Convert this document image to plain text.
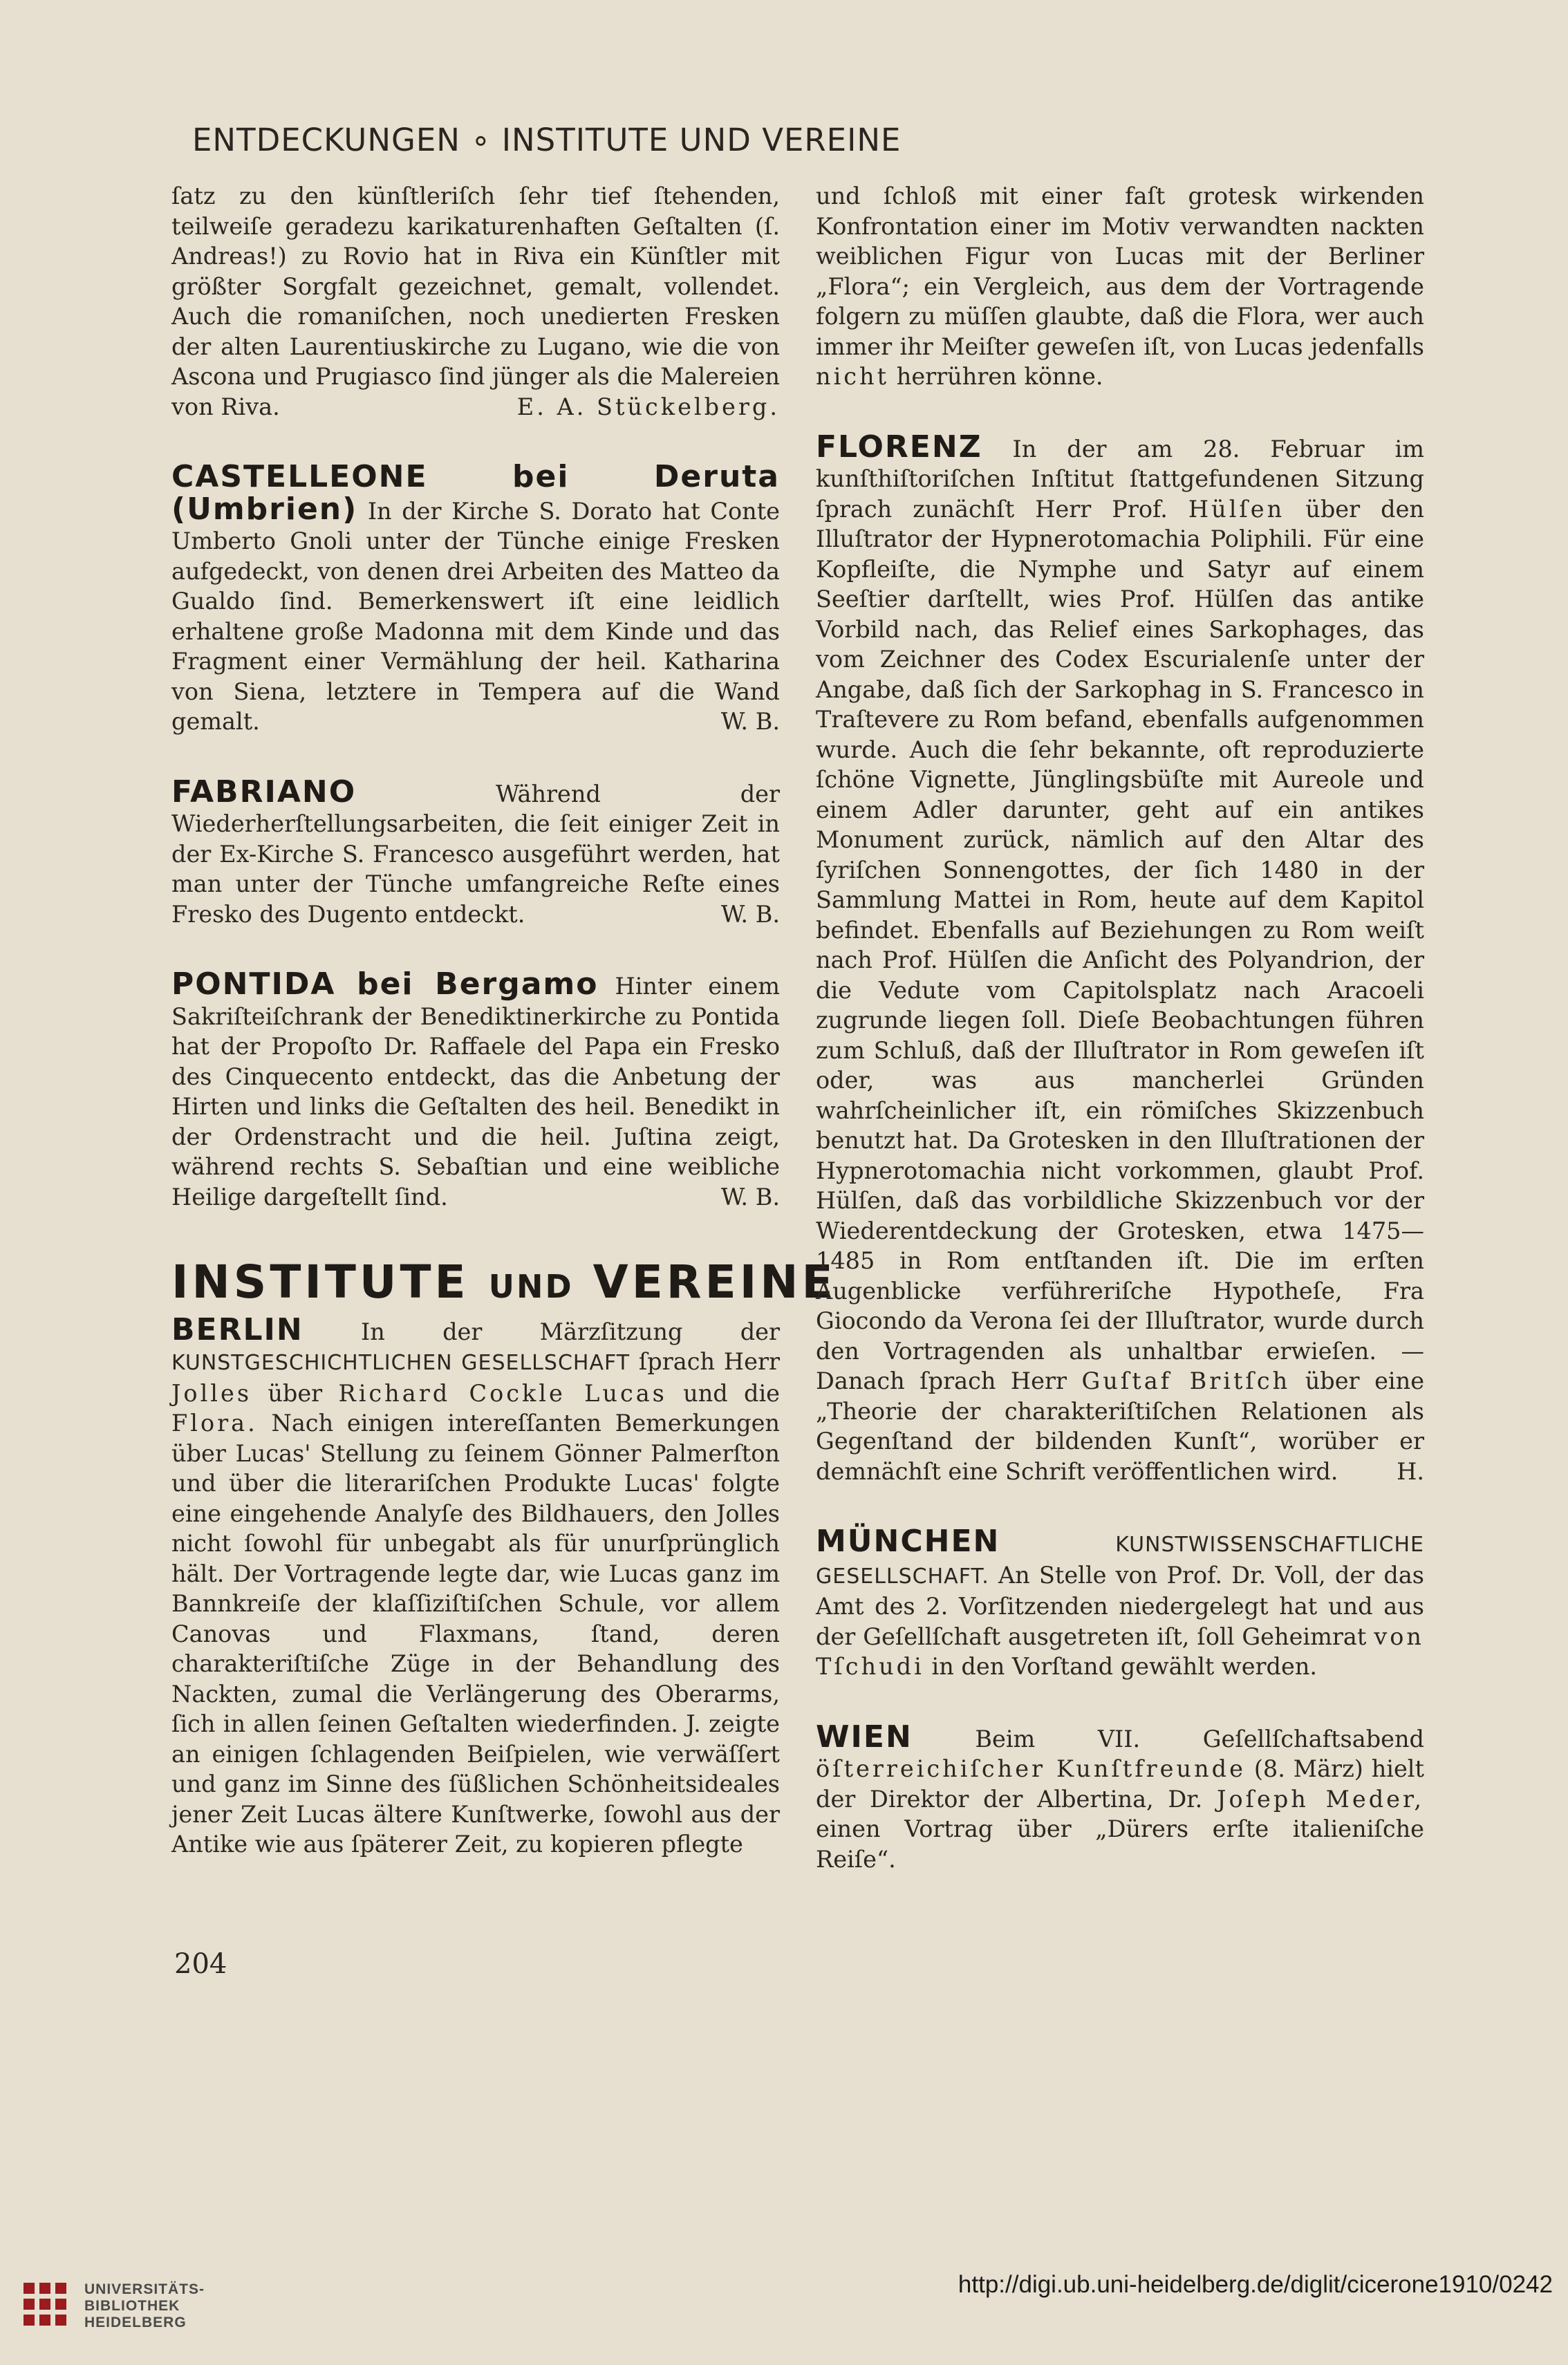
ENTDECKUNGEN ∘ INSTITUTE UND VEREINE

ſatz zu den künſtleriſch ſehr tief ſtehenden, teilweiſe geradezu karikaturenhaften Geſtalten (ſ. Andreas!) zu Rovio hat in Riva ein Künſtler mit größter Sorgfalt gezeichnet, gemalt, vollendet. Auch die romaniſchen, noch unedierten Fresken der alten Laurentiuskirche zu Lugano, wie die von Ascona und Prugiasco ſind jünger als die Malereien von Riva.	E. A. Stückelberg.

CASTELLEONE bei Deruta (Umbrien) In der Kirche S. Dorato hat Conte Umberto Gnoli unter der Tünche einige Fresken aufgedeckt, von denen drei Arbeiten des Matteo da Gualdo ſind. Bemerkenswert iſt eine leidlich erhaltene große Madonna mit dem Kinde und das Fragment einer Vermählung der heil. Katharina von Siena, letztere in Tempera auf die Wand gemalt.	W. B.

FABRIANO	Während der Wiederherſtellungsarbeiten, die ſeit einiger Zeit in der Ex-Kirche S. Francesco ausgeführt werden, hat man unter der Tünche umfangreiche Reſte eines Fresko des Dugento entdeckt.	W. B.

PONTIDA bei Bergamo Hinter einem Sakriſteiſchrank der Benediktinerkirche zu Pontida hat der Propoſto Dr. Raffaele del Papa ein Fresko des Cinquecento entdeckt, das die Anbetung der Hirten und links die Geſtalten des heil. Benedikt in der Ordenstracht und die heil. Juſtina zeigt, während rechts S. Sebaſtian und eine weibliche Heilige dargeſtellt ſind.	W. B.

INSTITUTE UND VEREINE

BERLIN In der Märzſitzung der KUNSTGESCHICHTLICHEN GESELLSCHAFT ſprach Herr Jolles über Richard Cockle Lucas und die Flora. Nach einigen intereſſanten Bemerkungen über Lucas' Stellung zu ſeinem Gönner Palmerſton und über die literariſchen Produkte Lucas' folgte eine eingehende Analyſe des Bildhauers, den Jolles nicht ſowohl für unbegabt als für unurſprünglich hält. Der Vortragende legte dar, wie Lucas ganz im Bannkreiſe der klaſſiziſtiſchen Schule, vor allem Canovas und Flaxmans, ſtand, deren charakteriſtiſche Züge in der Behandlung des Nackten, zumal die Verlängerung des Oberarms, ſich in allen ſeinen Geſtalten wiederfinden. J. zeigte an einigen ſchlagenden Beiſpielen, wie verwäſſert und ganz im Sinne des ſüßlichen Schönheitsideales jener Zeit Lucas ältere Kunſtwerke, ſowohl aus der Antike wie aus ſpäterer Zeit, zu kopieren pflegte

und ſchloß mit einer faſt grotesk wirkenden Konfrontation einer im Motiv verwandten nackten weiblichen Figur von Lucas mit der Berliner „Flora“; ein Vergleich, aus dem der Vortragende folgern zu müſſen glaubte, daß die Flora, wer auch immer ihr Meiſter geweſen iſt, von Lucas jedenfalls nicht herrühren könne.

FLORENZ In der am 28. Februar im kunſthiſtoriſchen Inſtitut ſtattgefundenen Sitzung ſprach zunächſt Herr Prof. Hülſen über den Illuſtrator der Hypnerotomachia Poliphili. Für eine Kopfleiſte, die Nymphe und Satyr auf einem Seeſtier darſtellt, wies Prof. Hülſen das antike Vorbild nach, das Relief eines Sarkophages, das vom Zeichner des Codex Escurialenſe unter der Angabe, daß ſich der Sarkophag in S. Francesco in Traſtevere zu Rom befand, ebenfalls aufgenommen wurde. Auch die ſehr bekannte, oft reproduzierte ſchöne Vignette, Jünglingsbüſte mit Aureole und einem Adler darunter, geht auf ein antikes Monument zurück, nämlich auf den Altar des ſyriſchen Sonnengottes, der ſich 1480 in der Sammlung Mattei in Rom, heute auf dem Kapitol befindet. Ebenfalls auf Beziehungen zu Rom weiſt nach Prof. Hülſen die Anſicht des Polyandrion, der die Vedute vom Capitolsplatz nach Aracoeli zugrunde liegen ſoll. Dieſe Beobachtungen führen zum Schluß, daß der Illuſtrator in Rom geweſen iſt oder, was aus mancherlei Gründen wahrſcheinlicher iſt, ein römiſches Skizzenbuch benutzt hat. Da Grotesken in den Illuſtrationen der Hypnerotomachia nicht vorkommen, glaubt Prof. Hülſen, daß das vorbildliche Skizzenbuch vor der Wiederentdeckung der Grotesken, etwa 1475—1485 in Rom entſtanden iſt. Die im erſten Augenblicke verführeriſche Hypotheſe, Fra Giocondo da Verona ſei der Illuſtrator, wurde durch den Vortragenden als unhaltbar erwieſen. — Danach ſprach Herr Guſtaf Britſch über eine „Theorie der charakteriſtiſchen Relationen als Gegenſtand der bildenden Kunſt“, worüber er demnächſt eine Schrift veröffentlichen wird.	H.

MÜNCHEN	KUNSTWISSENSCHAFTLICHE GESELLSCHAFT. An Stelle von Prof. Dr. Voll, der das Amt des 2. Vorſitzenden niedergelegt hat und aus der Geſellſchaft ausgetreten iſt, ſoll Geheimrat von Tſchudi in den Vorſtand gewählt werden.

WIEN	Beim VII. Geſellſchaftsabend öſterreichiſcher Kunſtfreunde (8. März) hielt der Direktor der Albertina, Dr. Joſeph Meder, einen Vortrag über „Dürers erſte italieniſche Reiſe“.

204
UNIVERSITÄTS-
BIBLIOTHEK
HEIDELBERG
http://digi.ub.uni-heidelberg.de/diglit/cicerone1910/0242
